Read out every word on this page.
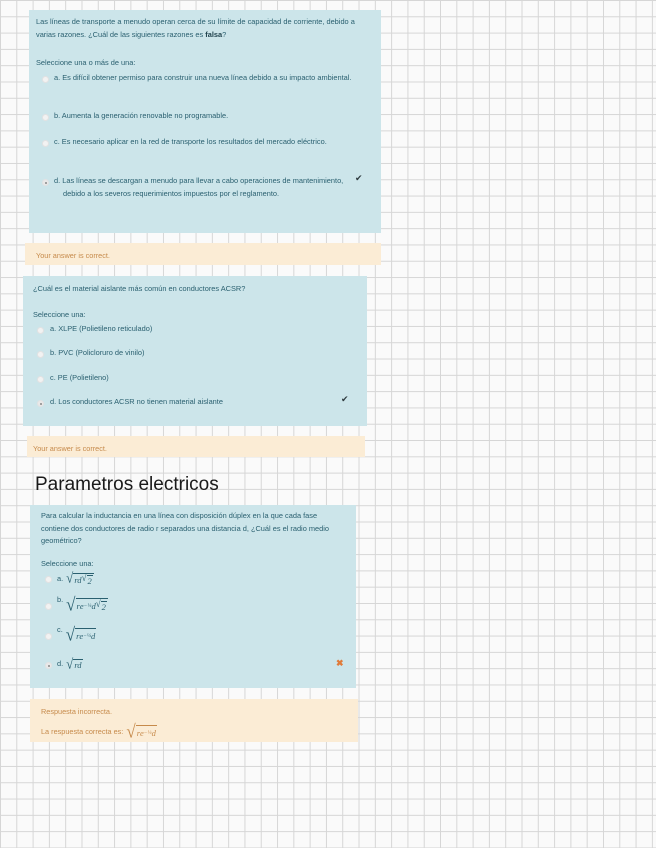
Las líneas de transporte a menudo operan cerca de su límite de capacidad de corriente, debido a varias razones. ¿Cuál de las siguientes razones es falsa?

Seleccione una o más de una:

a. Es difícil obtener permiso para construir una nueva línea debido a su impacto ambiental.

b. Aumenta la generación renovable no programable.

c. Es necesario aplicar en la red de transporte los resultados del mercado eléctrico.

d. Las líneas se descargan a menudo para llevar a cabo operaciones de mantenimiento, debido a los severos requerimientos impuestos por el reglamento.

✔

Your answer is correct.

¿Cuál es el material aislante más común en conductores ACSR?

Seleccione una:

a. XLPE (Polietileno reticulado)

b. PVC (Policloruro de vinilo)

c. PE (Polietileno)

d. Los conductores ACSR no tienen material aislante	✔

Your answer is correct.

Parametros electricos

Para calcular la inductancia en una línea con disposición dúplex en la que cada fase contiene dos conductores de radio r separados una distancia d, ¿Cuál es el radio medio geométrico?

Seleccione una:

a. √ rd √ 2
b. √ r e −¼ d √ 2
c. √ r e −¼ d
d. √ rd	✖

Respuesta incorrecta.

La respuesta correcta es: √ r e −¼ d
